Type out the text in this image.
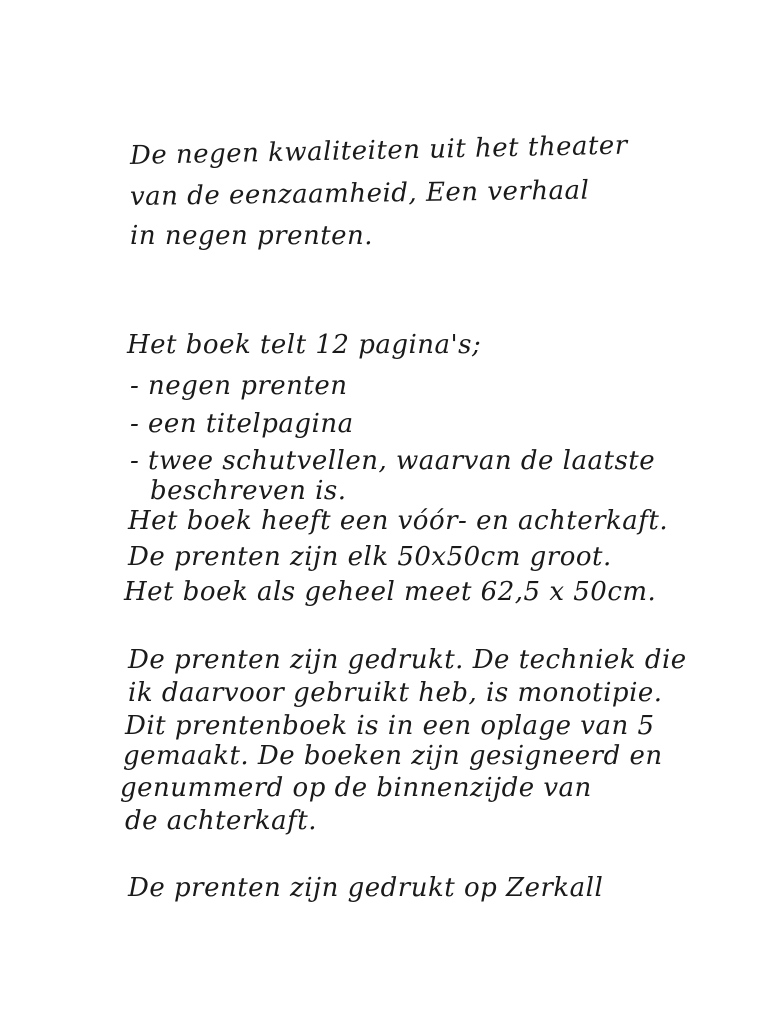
De negen kwaliteiten uit het theater
van de eenzaamheid, Een verhaal
in negen prenten.
Het boek telt 12 pagina's;
- negen prenten
- een titelpagina
- twee schutvellen, waarvan de laatste
beschreven is.
Het boek heeft een vóór- en achterkaft.
De prenten zijn elk 50x50cm groot.
Het boek als geheel meet 62,5 x 50cm.
De prenten zijn gedrukt. De techniek die
ik daarvoor gebruikt heb, is monotipie.
Dit prentenboek is in een oplage van 5
gemaakt. De boeken zijn gesigneerd en
genummerd op de binnenzijde van
de achterkaft.
De prenten zijn gedrukt op Zerkall
